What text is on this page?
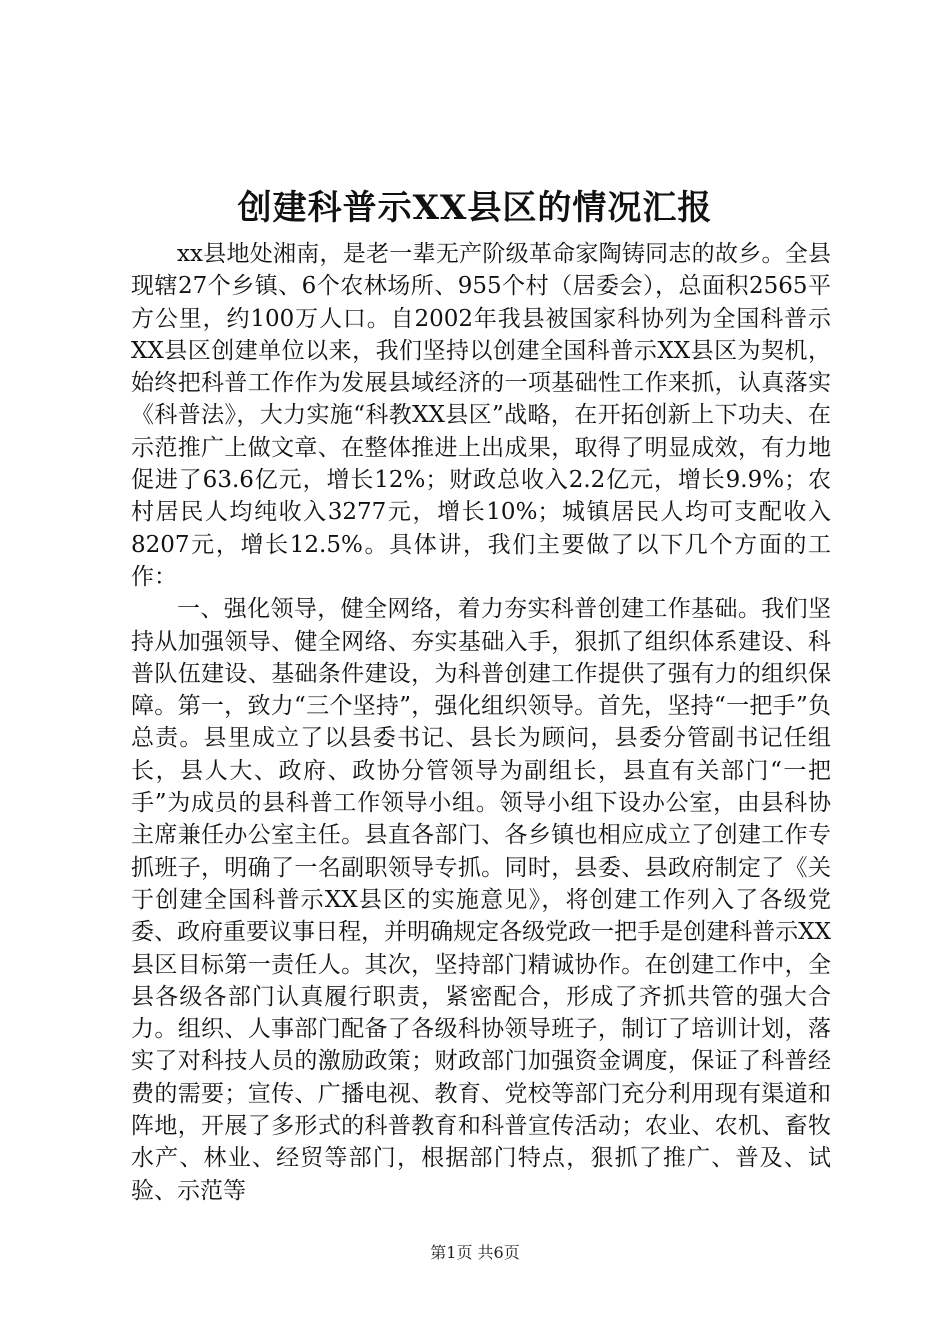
创建科普示XX县区的情况汇报

xx县地处湘南，是老一辈无产阶级革命家陶铸同志的故乡。全县现辖27个乡镇、6个农林场所、955个村（居委会），总面积2565平方公里，约100万人口。自2002年我县被国家科协列为全国科普示XX县区创建单位以来，我们坚持以创建全国科普示XX县区为契机，始终把科普工作作为发展县域经济的一项基础性工作来抓，认真落实《科普法》，大力实施“科教XX县区”战略，在开拓创新上下功夫、在示范推广上做文章、在整体推进上出成果，取得了明显成效，有力地促进了63.6亿元，增长12%；财政总收入2.2亿元，增长9.9%；农村居民人均纯收入3277元，增长10%；城镇居民人均可支配收入8207元，增长12.5%。具体讲，我们主要做了以下几个方面的工作：

一、强化领导，健全网络，着力夯实科普创建工作基础。我们坚持从加强领导、健全网络、夯实基础入手，狠抓了组织体系建设、科普队伍建设、基础条件建设，为科普创建工作提供了强有力的组织保障。第一，致力“三个坚持”，强化组织领导。首先，坚持“一把手”负总责。县里成立了以县委书记、县长为顾问，县委分管副书记任组长，县人大、政府、政协分管领导为副组长，县直有关部门“一把手”为成员的县科普工作领导小组。领导小组下设办公室，由县科协主席兼任办公室主任。县直各部门、各乡镇也相应成立了创建工作专抓班子，明确了一名副职领导专抓。同时，县委、县政府制定了《关于创建全国科普示XX县区的实施意见》，将创建工作列入了各级党委、政府重要议事日程，并明确规定各级党政一把手是创建科普示XX县区目标第一责任人。其次，坚持部门精诚协作。在创建工作中，全县各级各部门认真履行职责，紧密配合，形成了齐抓共管的强大合力。组织、人事部门配备了各级科协领导班子，制订了培训计划，落实了对科技人员的激励政策；财政部门加强资金调度，保证了科普经费的需要；宣传、广播电视、教育、党校等部门充分利用现有渠道和阵地，开展了多形式的科普教育和科普宣传活动；农业、农机、畜牧水产、林业、经贸等部门，根据部门特点，狠抓了推广、普及、试验、示范等

第1页 共6页
